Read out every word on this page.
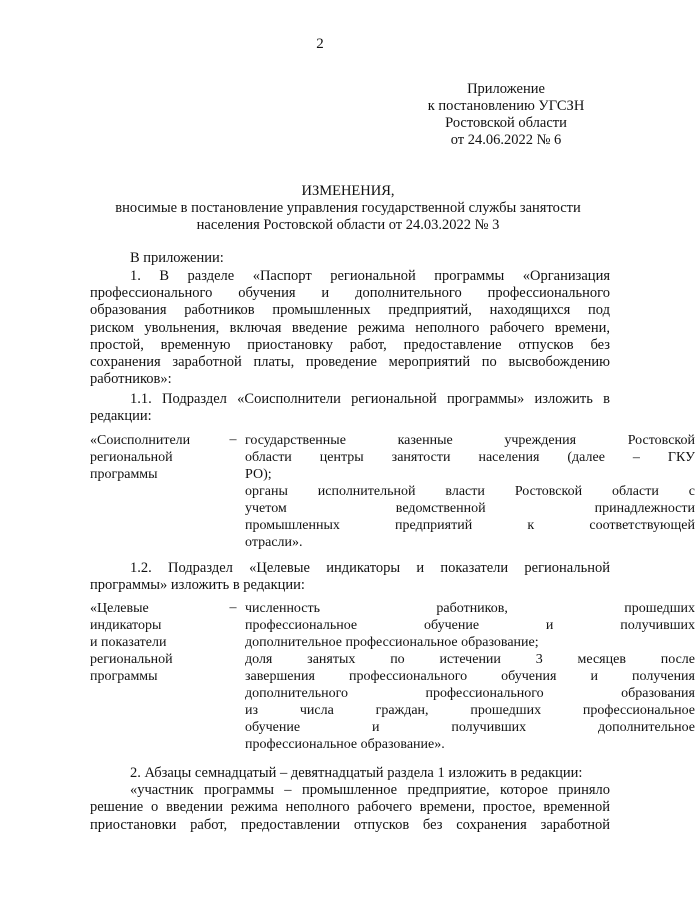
2
Приложение
к постановлению УГСЗН
Ростовской области
от 24.06.2022 № 6
ИЗМЕНЕНИЯ,
вносимые в постановление управления государственной службы занятости
населения Ростовской области от 24.03.2022 № 3
В приложении:
1. В разделе «Паспорт региональной программы «Организация
профессионального обучения и дополнительного профессионального
образования работников промышленных предприятий, находящихся под
риском увольнения, включая введение режима неполного рабочего времени,
простой, временную приостановку работ, предоставление отпусков без
сохранения заработной платы, проведение мероприятий по высвобождению
работников»:
1.1. Подраздел «Соисполнители региональной программы» изложить в
редакции:
«Соисполнители
региональной
программы
– государственные казенные учреждения Ростовской
области центры занятости населения (далее – ГКУ
РО);
органы исполнительной власти Ростовской области с
учетом ведомственной принадлежности
промышленных предприятий к соответствующей
отрасли».
1.2. Подраздел «Целевые индикаторы и показатели региональной
программы» изложить в редакции:
«Целевые
индикаторы
и показатели
региональной
программы
– численность работников, прошедших
профессиональное обучение и получивших
дополнительное профессиональное образование;
доля занятых по истечении 3 месяцев после
завершения профессионального обучения и получения
дополнительного профессионального образования
из числа граждан, прошедших профессиональное
обучение и получивших дополнительное
профессиональное образование».
2. Абзацы семнадцатый – девятнадцатый раздела 1 изложить в редакции:
«участник программы – промышленное предприятие, которое приняло
решение о введении режима неполного рабочего времени, простое, временной
приостановки работ, предоставлении отпусков без сохранения заработной
